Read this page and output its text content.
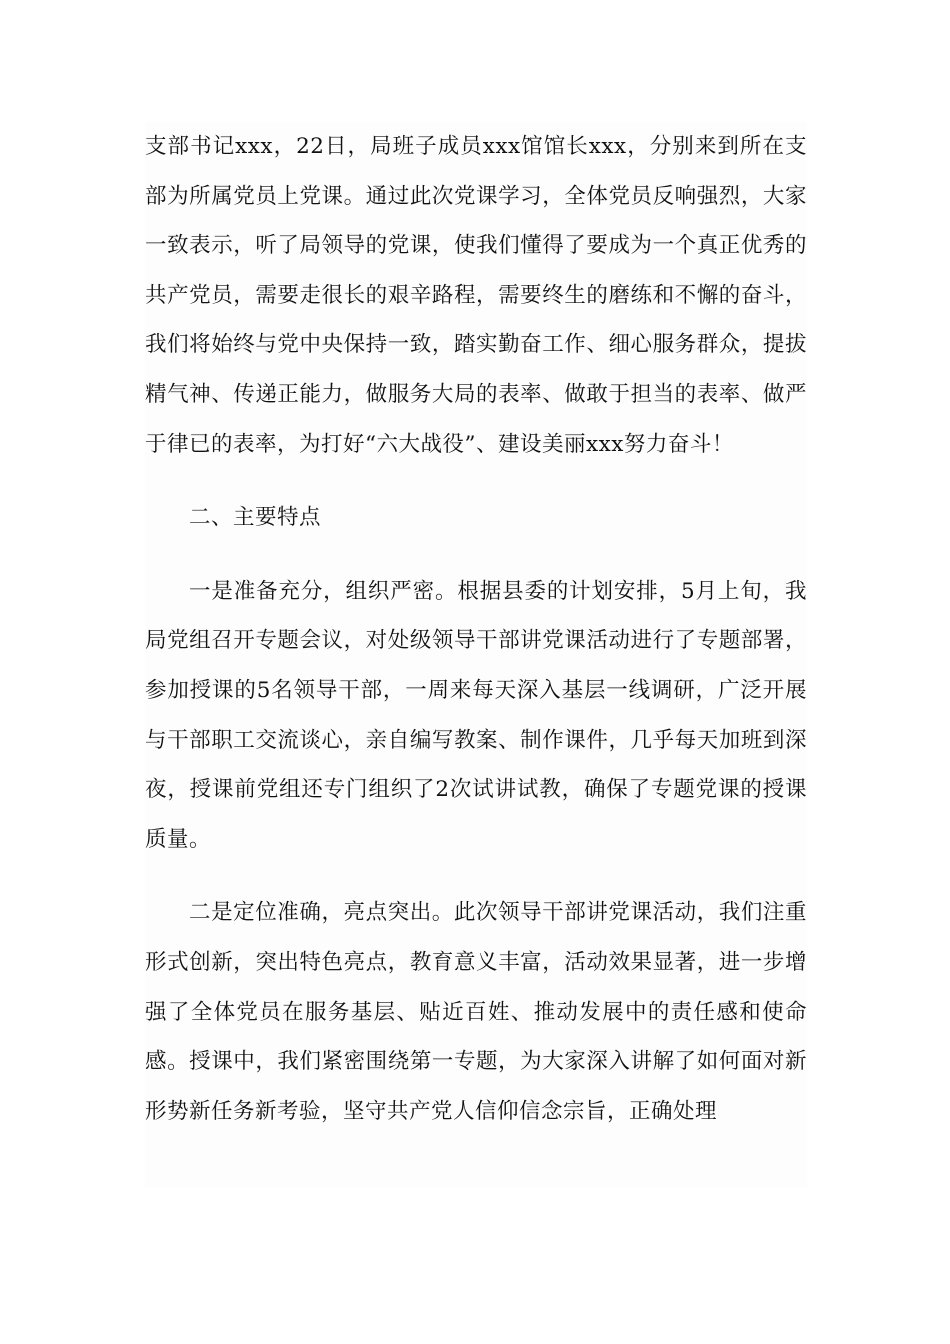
支部书记xxx，22日，局班子成员xxx馆馆长xxx，分别来到所在支部为所属党员上党课。通过此次党课学习，全体党员反响强烈，大家一致表示，听了局领导的党课，使我们懂得了要成为一个真正优秀的共产党员，需要走很长的艰辛路程，需要终生的磨练和不懈的奋斗，我们将始终与党中央保持一致，踏实勤奋工作、细心服务群众，提拔精气神、传递正能力，做服务大局的表率、做敢于担当的表率、做严于律已的表率，为打好“六大战役”、建设美丽xxx努力奋斗！

二、主要特点

一是准备充分，组织严密。根据县委的计划安排，5月上旬，我局党组召开专题会议，对处级领导干部讲党课活动进行了专题部署，参加授课的5名领导干部，一周来每天深入基层一线调研，广泛开展与干部职工交流谈心，亲自编写教案、制作课件，几乎每天加班到深夜，授课前党组还专门组织了2次试讲试教，确保了专题党课的授课质量。

二是定位准确，亮点突出。此次领导干部讲党课活动，我们注重形式创新，突出特色亮点，教育意义丰富，活动效果显著，进一步增强了全体党员在服务基层、贴近百姓、推动发展中的责任感和使命感。授课中，我们紧密围绕第一专题，为大家深入讲解了如何面对新形势新任务新考验，坚守共产党人信仰信念宗旨，正确处理
